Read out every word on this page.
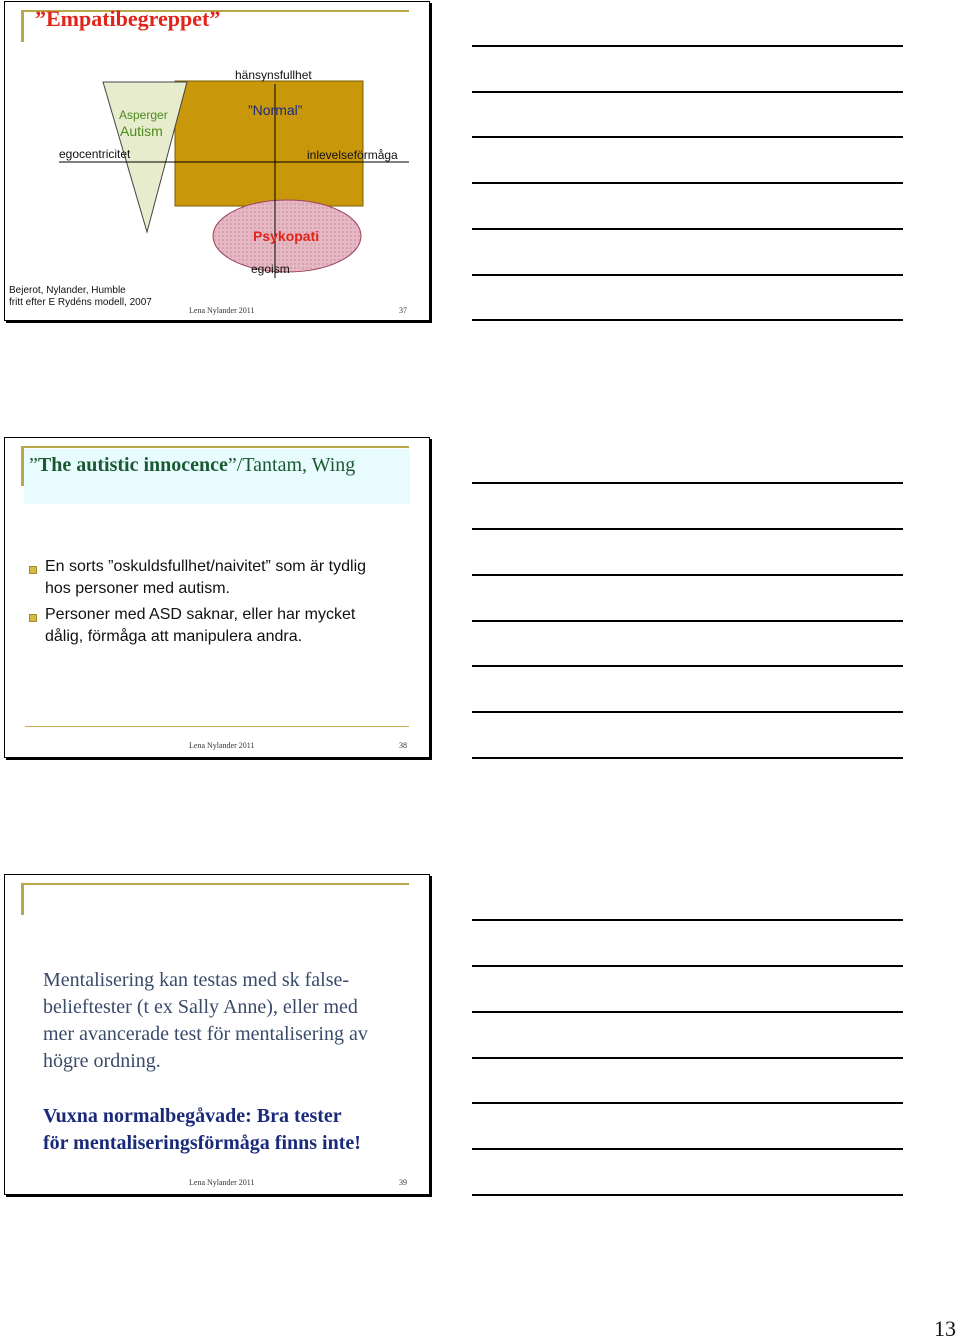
”Empatibegreppet”
hänsynsfullhet
Asperger
Autism
”Normal”
egocentricitet	inlevelseförmåga
Psykopati
egoism
Bejerot, Nylander, Humble
fritt efter E Rydéns modell, 2007
Lena Nylander 2011	37
”The autistic innocence”/Tantam, Wing
En sorts ”oskuldsfullhet/naivitet” som är tydlig
hos personer med autism.
Personer med ASD saknar, eller har mycket
dålig, förmåga att manipulera andra.
Lena Nylander 2011	38
Mentalisering kan testas med sk false-
belieftester (t ex Sally Anne), eller med
mer avancerade test för mentalisering av
högre ordning.
Vuxna normalbegåvade: Bra tester
för mentaliseringsförmåga finns inte!
Lena Nylander 2011	39
13
